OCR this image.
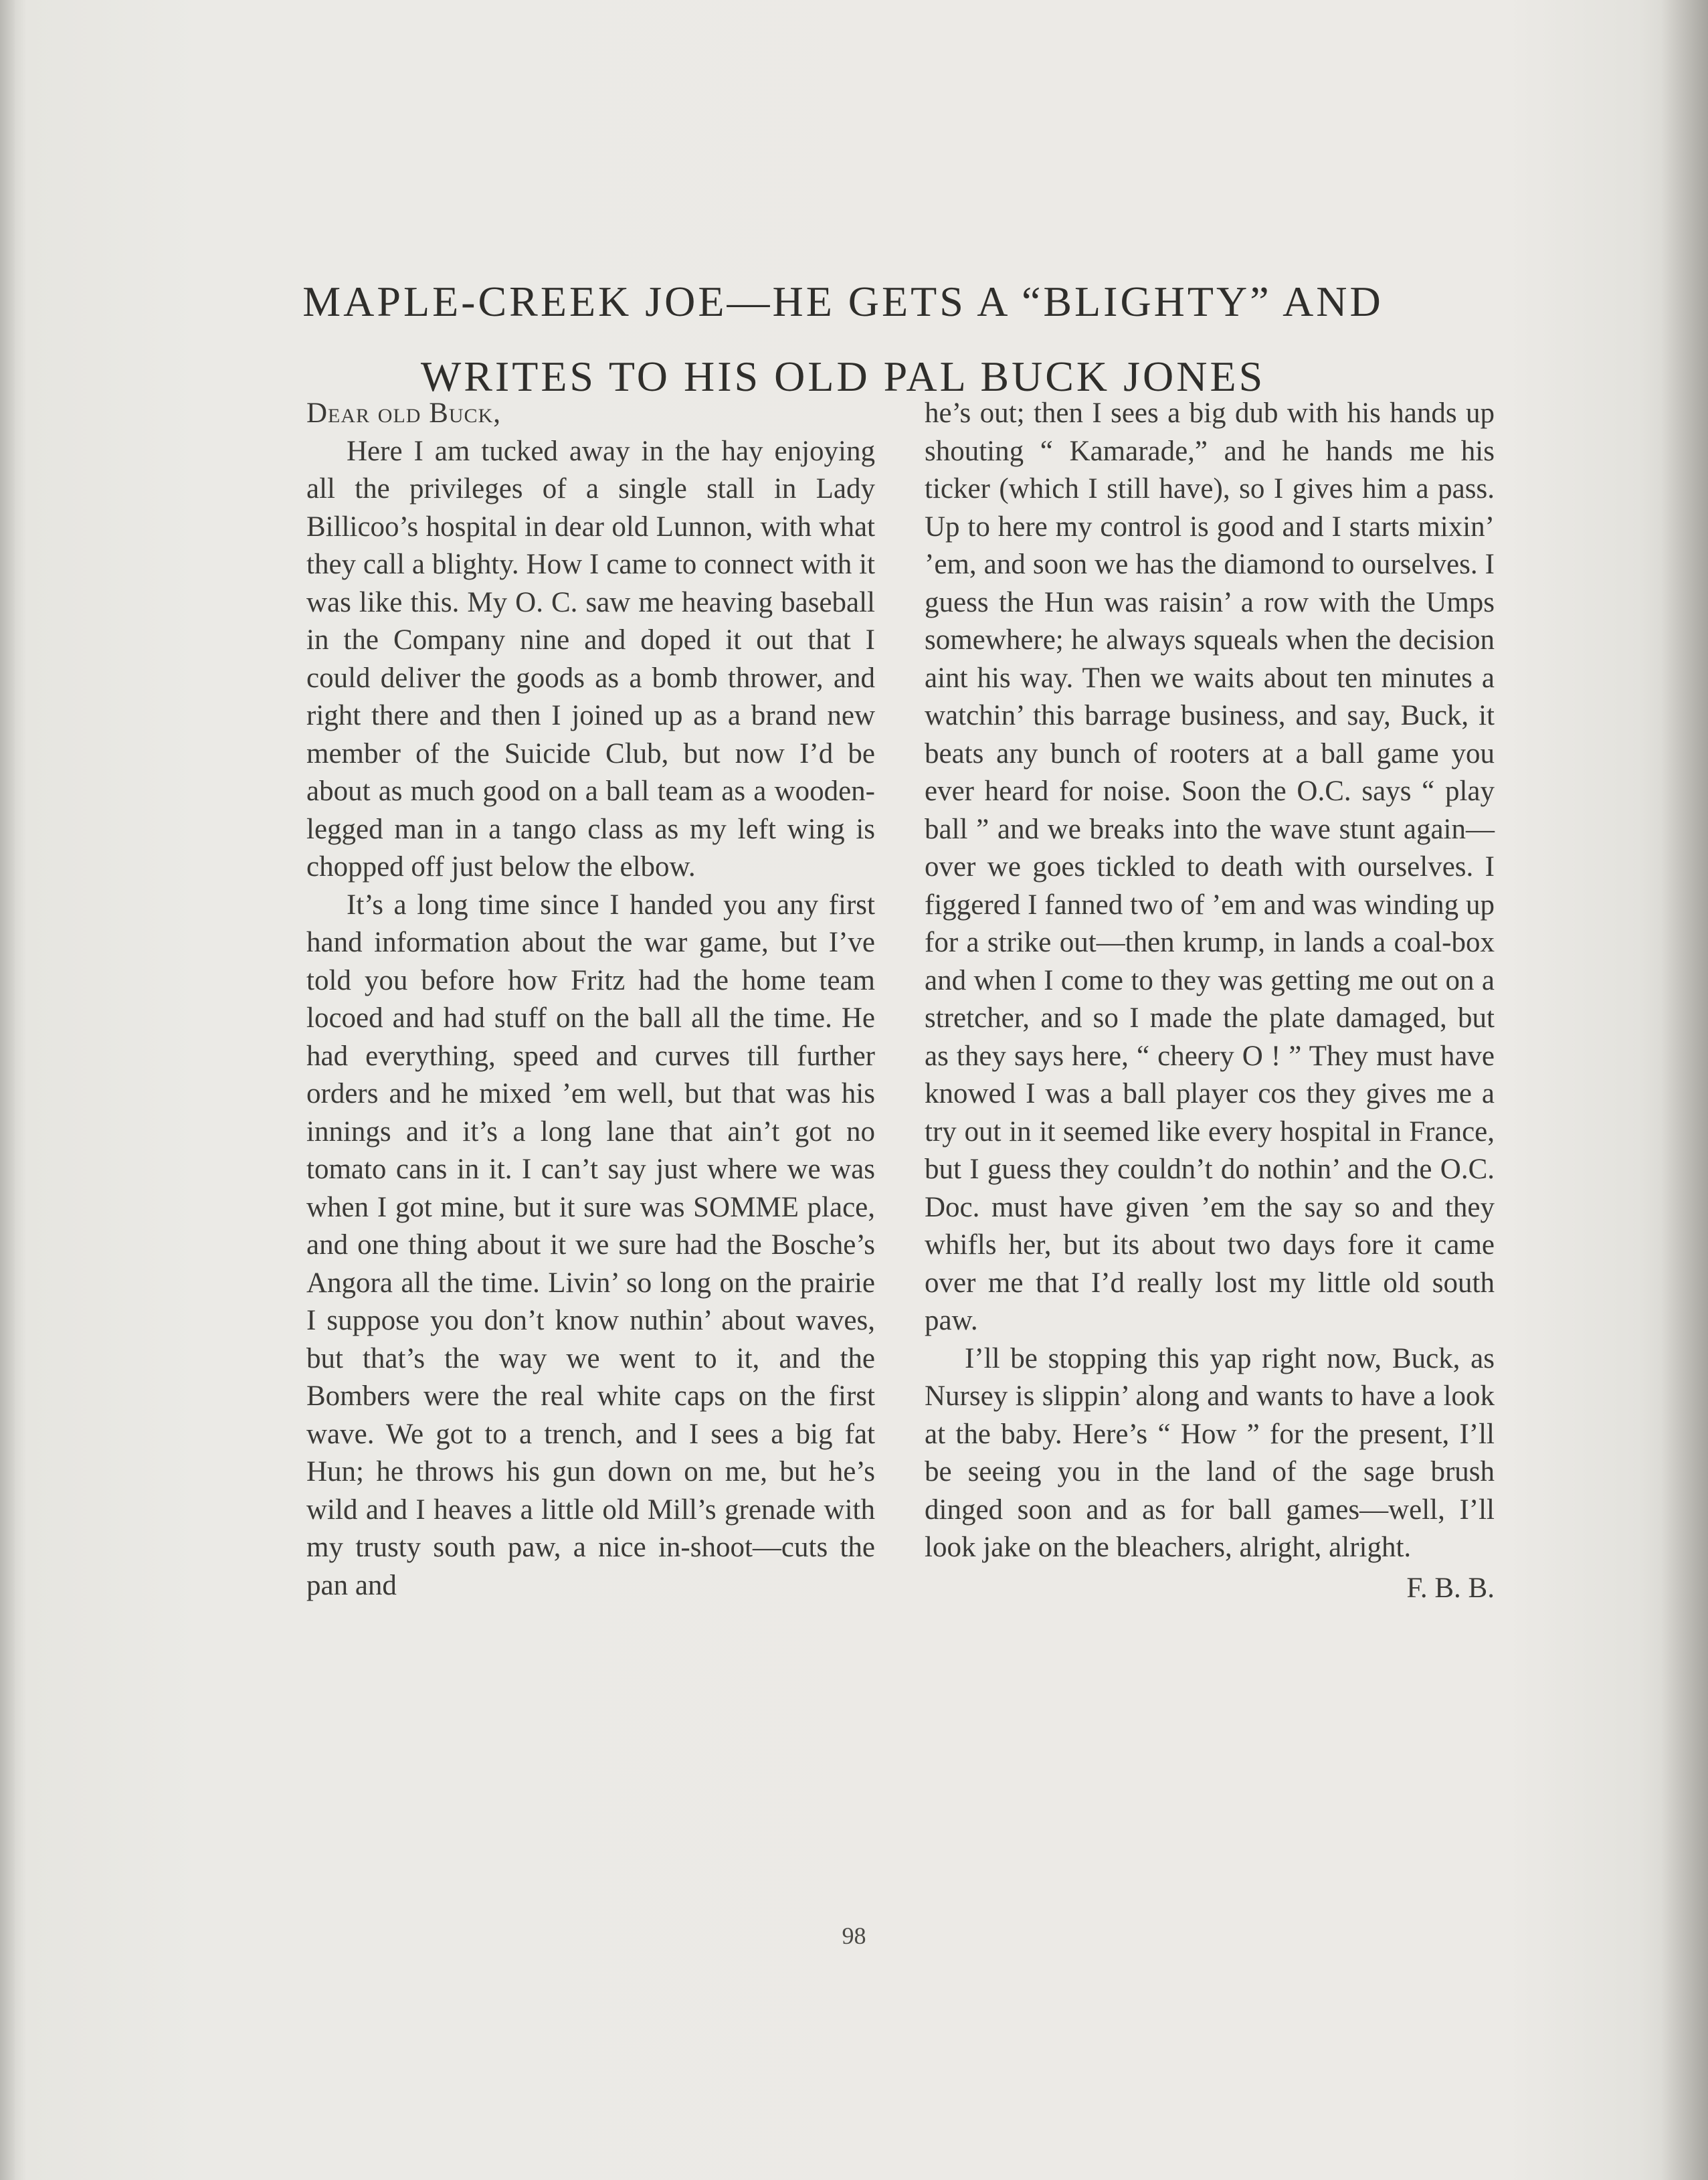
MAPLE-CREEK JOE—HE GETS A “BLIGHTY” AND
WRITES TO HIS OLD PAL BUCK JONES

Dear old Buck,

Here I am tucked away in the hay enjoying all the privileges of a single stall in Lady Billicoo’s hospital in dear old Lunnon, with what they call a blighty. How I came to connect with it was like this. My O. C. saw me heaving baseball in the Company nine and doped it out that I could deliver the goods as a bomb thrower, and right there and then I joined up as a brand new member of the Suicide Club, but now I’d be about as much good on a ball team as a wooden-legged man in a tango class as my left wing is chopped off just below the elbow.

It’s a long time since I handed you any first hand information about the war game, but I’ve told you before how Fritz had the home team locoed and had stuff on the ball all the time. He had everything, speed and curves till further orders and he mixed ’em well, but that was his innings and it’s a long lane that ain’t got no tomato cans in it. I can’t say just where we was when I got mine, but it sure was SOMME place, and one thing about it we sure had the Bosche’s Angora all the time. Livin’ so long on the prairie I suppose you don’t know nuthin’ about waves, but that’s the way we went to it, and the Bombers were the real white caps on the first wave. We got to a trench, and I sees a big fat Hun; he throws his gun down on me, but he’s wild and I heaves a little old Mill’s grenade with my trusty south paw, a nice in-shoot—cuts the pan and

he’s out; then I sees a big dub with his hands up shouting “ Kamarade,” and he hands me his ticker (which I still have), so I gives him a pass. Up to here my control is good and I starts mixin’ ’em, and soon we has the diamond to ourselves. I guess the Hun was raisin’ a row with the Umps somewhere; he always squeals when the decision aint his way. Then we waits about ten minutes a watchin’ this barrage business, and say, Buck, it beats any bunch of rooters at a ball game you ever heard for noise. Soon the O.C. says “ play ball ” and we breaks into the wave stunt again—over we goes tickled to death with ourselves. I figgered I fanned two of ’em and was winding up for a strike out—then krump, in lands a coal-box and when I come to they was getting me out on a stretcher, and so I made the plate damaged, but as they says here, “ cheery O ! ” They must have knowed I was a ball player cos they gives me a try out in it seemed like every hospital in France, but I guess they couldn’t do nothin’ and the O.C. Doc. must have given ’em the say so and they whifls her, but its about two days fore it came over me that I’d really lost my little old south paw.

I’ll be stopping this yap right now, Buck, as Nursey is slippin’ along and wants to have a look at the baby. Here’s “ How ” for the present, I’ll be seeing you in the land of the sage brush dinged soon and as for ball games—well, I’ll look jake on the bleachers, alright, alright.

F. B. B.

98
